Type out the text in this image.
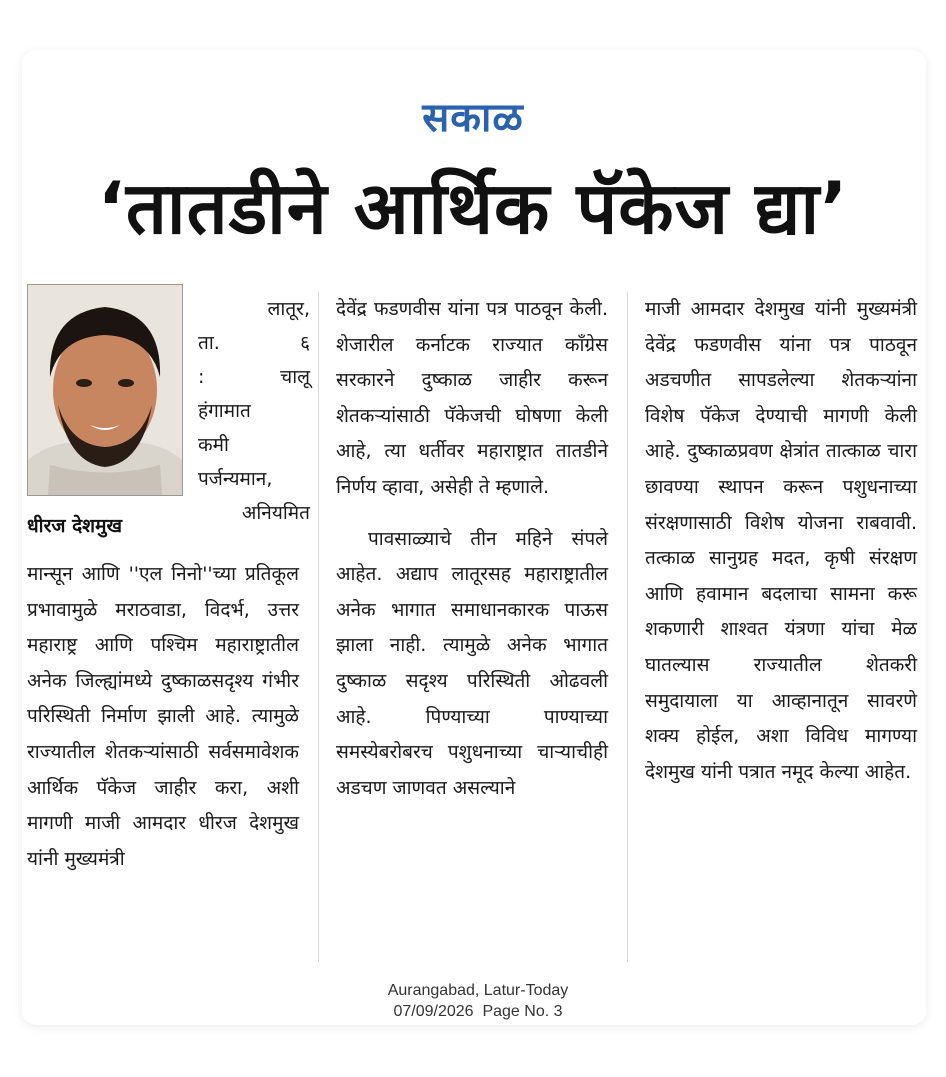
सकाळ
‘तातडीने आर्थिक पॅकेज द्या’
धीरज देशमुख
लातूर,
ता.	६
:	चालू
हंगामात
कमी
पर्जन्यमान,
अनियमित

मान्सून आणि ''एल निनो''च्या प्रतिकूल प्रभावामुळे मराठवाडा, विदर्भ, उत्तर महाराष्ट्र आणि पश्चिम महाराष्ट्रातील अनेक जिल्ह्यांमध्ये दुष्काळसदृश्य गंभीर परिस्थिती निर्माण झाली आहे. त्यामुळे राज्यातील शेतकऱ्यांसाठी सर्वसमावेशक आर्थिक पॅकेज जाहीर करा, अशी मागणी माजी आमदार धीरज देशमुख यांनी मुख्यमंत्री

देवेंद्र फडणवीस यांना पत्र पाठवून केली. शेजारील कर्नाटक राज्यात काँग्रेस सरकारने दुष्काळ जाहीर करून शेतकऱ्यांसाठी पॅकेजची घोषणा केली आहे, त्या धर्तीवर महाराष्ट्रात तातडीने निर्णय व्हावा, असेही ते म्हणाले.

पावसाळ्याचे तीन महिने संपले आहेत. अद्याप लातूरसह महाराष्ट्रातील अनेक भागात समाधानकारक पाऊस झाला नाही. त्यामुळे अनेक भागात दुष्काळ सदृश्य परिस्थिती ओढवली आहे. पिण्याच्या पाण्याच्या समस्येबरोबरच पशुधनाच्या चाऱ्याचीही अडचण जाणवत असल्याने

माजी आमदार देशमुख यांनी मुख्यमंत्री देवेंद्र फडणवीस यांना पत्र पाठवून अडचणीत सापडलेल्या शेतकऱ्यांना विशेष पॅकेज देण्याची मागणी केली आहे. दुष्काळप्रवण क्षेत्रांत तात्काळ चारा छावण्या स्थापन करून पशुधनाच्या संरक्षणासाठी विशेष योजना राबवावी. तत्काळ सानुग्रह मदत, कृषी संरक्षण आणि हवामान बदलाचा सामना करू शकणारी शाश्वत यंत्रणा यांचा मेळ घातल्यास राज्यातील शेतकरी समुदायाला या आव्हानातून सावरणे शक्य होईल, अशा विविध मागण्या देशमुख यांनी पत्रात नमूद केल्या आहेत.

Aurangabad, Latur-Today
07/09/2026  Page No. 3
